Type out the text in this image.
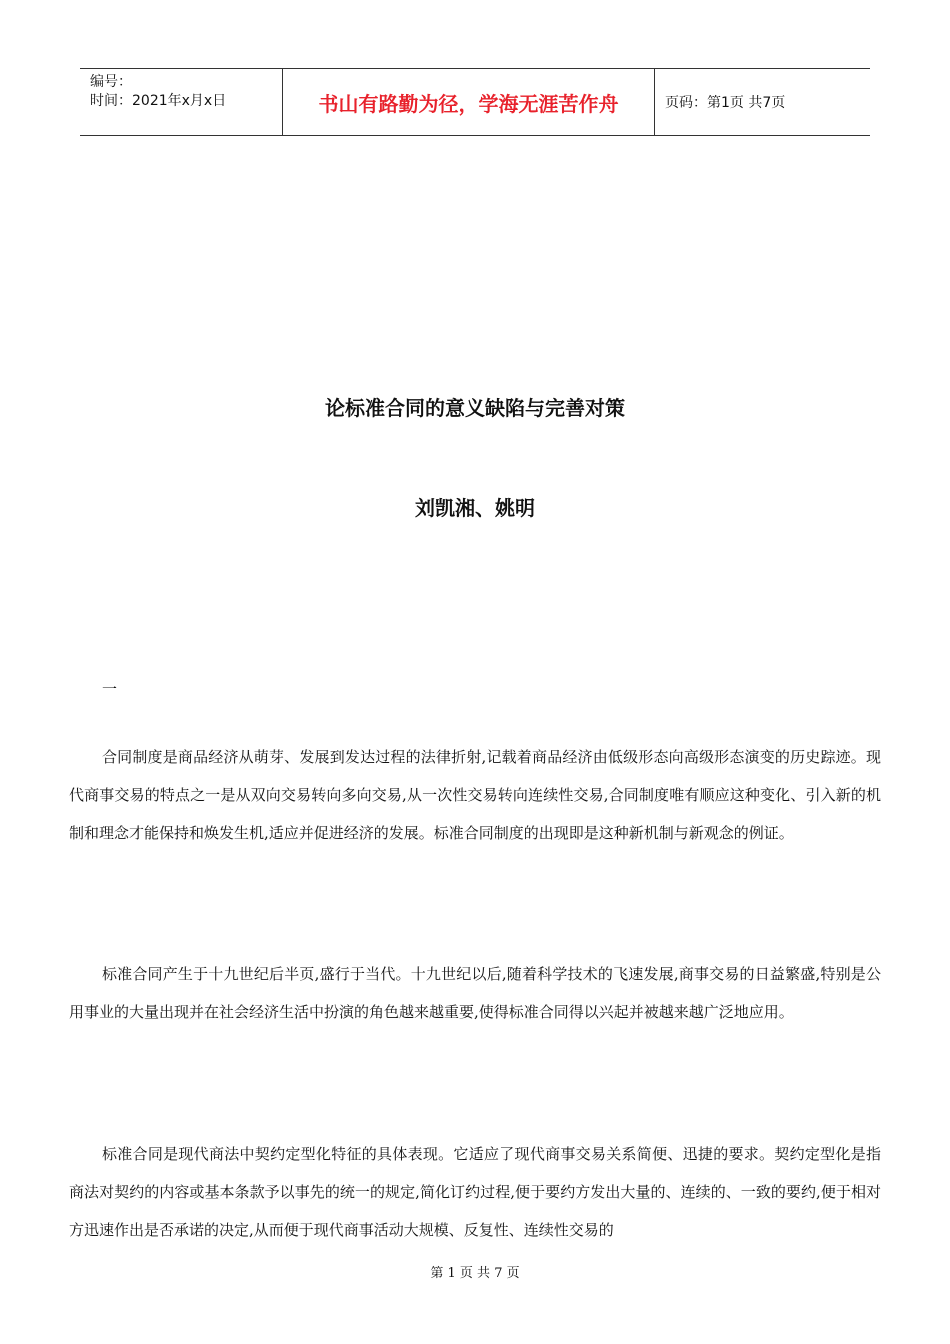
编号：
时间：2021年x月x日	书山有路勤为径，学海无涯苦作舟	页码：第1页 共7页
论标准合同的意义缺陷与完善对策
刘凯湘、姚明
一

合同制度是商品经济从萌芽、发展到发达过程的法律折射,记载着商品经济由低级形态向高级形态演变的历史踪迹。现代商事交易的特点之一是从双向交易转向多向交易,从一次性交易转向连续性交易,合同制度唯有顺应这种变化、引入新的机制和理念才能保持和焕发生机,适应并促进经济的发展。标准合同制度的出现即是这种新机制与新观念的例证。

标准合同产生于十九世纪后半页,盛行于当代。十九世纪以后,随着科学技术的飞速发展,商事交易的日益繁盛,特别是公用事业的大量出现并在社会经济生活中扮演的角色越来越重要,使得标准合同得以兴起并被越来越广泛地应用。

标准合同是现代商法中契约定型化特征的具体表现。它适应了现代商事交易关系简便、迅捷的要求。契约定型化是指商法对契约的内容或基本条款予以事先的统一的规定,简化订约过程,便于要约方发出大量的、连续的、一致的要约,便于相对方迅速作出是否承诺的决定,从而便于现代商事活动大规模、反复性、连续性交易的

第 1 页 共 7 页
